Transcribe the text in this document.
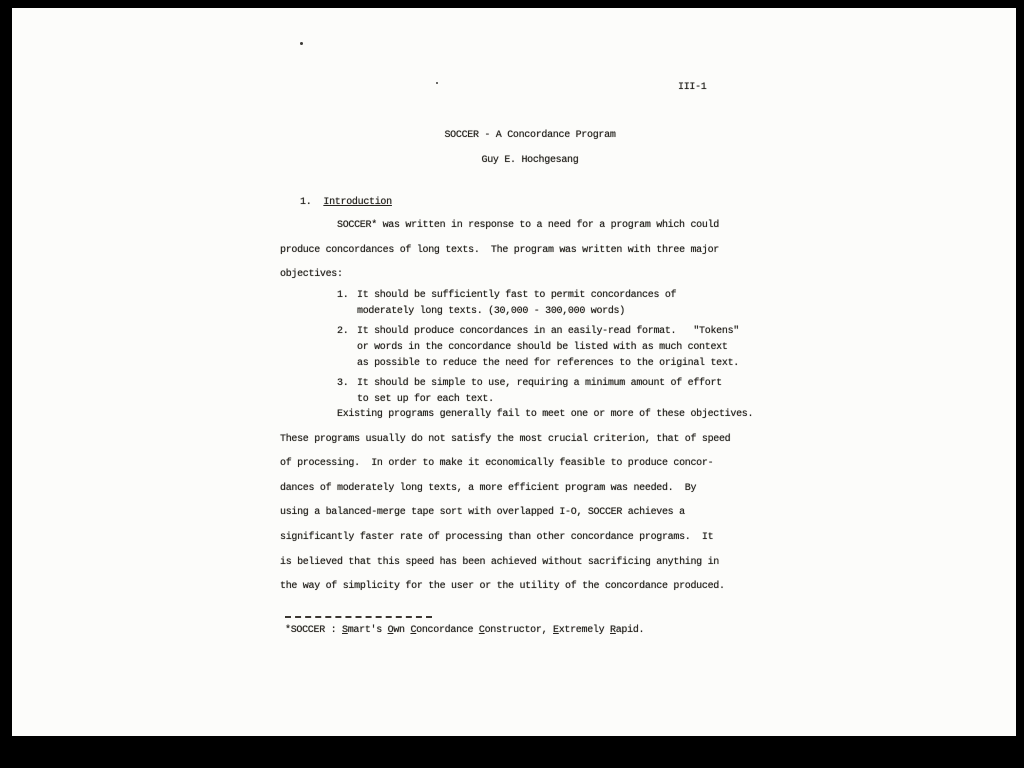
III-1
SOCCER - A Concordance Program
Guy E. Hochgesang
1. Introduction
SOCCER* was written in response to a need for a program which could
produce concordances of long texts.  The program was written with three major
objectives:
1. It should be sufficiently fast to permit concordances of
moderately long texts. (30,000 - 300,000 words)
2. It should produce concordances in an easily-read format.   "Tokens"
or words in the concordance should be listed with as much context
as possible to reduce the need for references to the original text.
3. It should be simple to use, requiring a minimum amount of effort
to set up for each text.
Existing programs generally fail to meet one or more of these objectives.
These programs usually do not satisfy the most crucial criterion, that of speed
of processing.  In order to make it economically feasible to produce concor-
dances of moderately long texts, a more efficient program was needed.  By
using a balanced-merge tape sort with overlapped I-O, SOCCER achieves a
significantly faster rate of processing than other concordance programs.  It
is believed that this speed has been achieved without sacrificing anything in
the way of simplicity for the user or the utility of the concordance produced.
*SOCCER : Smart's Own Concordance Constructor, Extremely Rapid.
